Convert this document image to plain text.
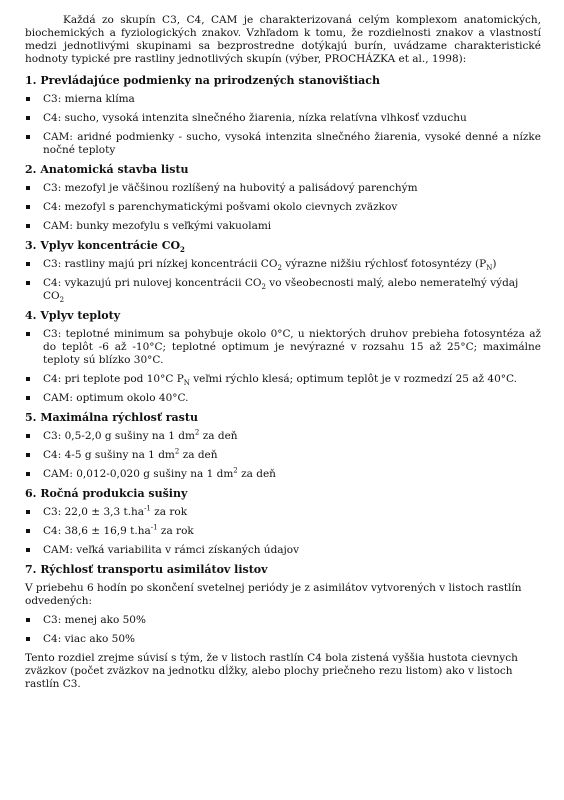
Každá zo skupín C3, C4, CAM je charakterizovaná celým komplexom anatomických, biochemických a fyziologických znakov. Vzhľadom k tomu, že rozdielnosti znakov a vlastností medzi jednotlivými skupinami sa bezprostredne dotýkajú burín, uvádzame charakteristické hodnoty typické pre rastliny jednotlivých skupín (výber, PROCHÁZKA et al., 1998):

1. Prevládajúce podmienky na prirodzených stanovištiach
C3: mierna klíma
C4: sucho, vysoká intenzita slnečného žiarenia, nízka relatívna vlhkosť vzduchu
CAM: aridné podmienky - sucho, vysoká intenzita slnečného žiarenia, vysoké denné a nízke nočné teploty
2. Anatomická stavba listu
C3: mezofyl je väčšinou rozlíšený na hubovitý a palisádový parenchým
C4: mezofyl s parenchymatickými pošvami okolo cievnych zväzkov
CAM: bunky mezofylu s veľkými vakuolami
3. Vplyv koncentrácie $CO_2$
C3: rastliny majú pri nízkej koncentrácii $CO_2$ výrazne nižšiu rýchlosť fotosyntézy $(P_N)$
C4: vykazujú pri nulovej koncentrácii $CO_2$ vo všeobecnosti malý, alebo nemerateľný výdaj $CO_2$
4. Vplyv teploty
C3: teplotné minimum sa pohybuje okolo 0°C, u niektorých druhov prebieha fotosyntéza až do teplôt -6 až -10°C; teplotné optimum je nevýrazné v rozsahu 15 až 25°C; maximálne teploty sú blízko 30°C.
C4: pri teplote pod 10°C $P_N$ veľmi rýchlo klesá; optimum teplôt je v rozmedzí 25 až 40°C.
CAM: optimum okolo 40°C.
5. Maximálna rýchlosť rastu
C3: 0,5-2,0 g sušiny na 1 $dm^2$ za deň
C4: 4-5 g sušiny na 1 $dm^2$ za deň
CAM: 0,012-0,020 g sušiny na 1 $dm^2$ za deň
6. Ročná produkcia sušiny
C3: 22,0 ± 3,3 $t.ha^{-1}$ za rok
C4: 38,6 ± 16,9 $t.ha^{-1}$ za rok
CAM: veľká variabilita v rámci získaných údajov
7. Rýchlosť transportu asimilátov listov

V priebehu 6 hodín po skončení svetelnej periódy je z asimilátov vytvorených v listoch rastlín odvedených:

C3: menej ako 50%
C4: viac ako 50%

Tento rozdiel zrejme súvisí s tým, že v listoch rastlín C4 bola zistená vyššia hustota cievnych zväzkov (počet zväzkov na jednotku dĺžky, alebo plochy priečneho rezu listom) ako v listoch rastlín C3.
